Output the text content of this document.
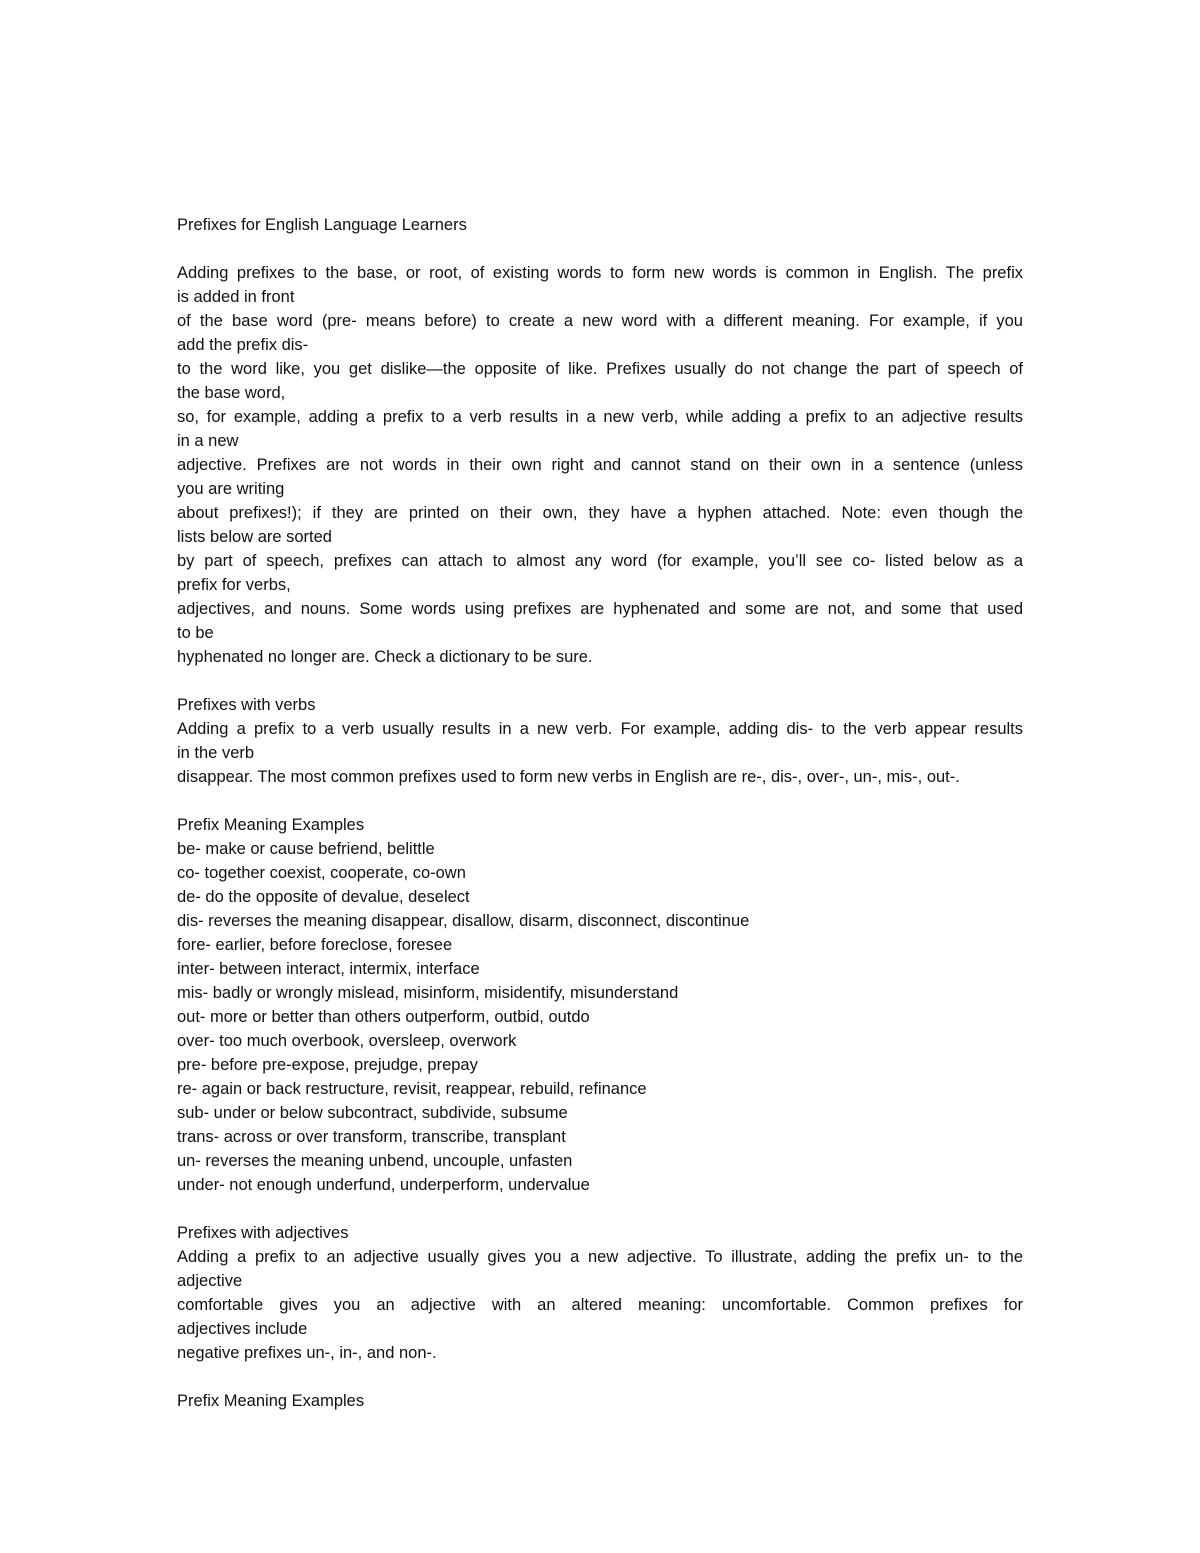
Prefixes for English Language Learners

Adding prefixes to the base, or root, of existing words to form new words is common in English. The prefix

is added in front

of the base word (pre- means before) to create a new word with a different meaning. For example, if you

add the prefix dis-

to the word like, you get dislike—the opposite of like. Prefixes usually do not change the part of speech of

the base word,

so, for example, adding a prefix to a verb results in a new verb, while adding a prefix to an adjective results

in a new

adjective. Prefixes are not words in their own right and cannot stand on their own in a sentence (unless

you are writing

about prefixes!); if they are printed on their own, they have a hyphen attached. Note: even though the

lists below are sorted

by part of speech, prefixes can attach to almost any word (for example, you’ll see co- listed below as a

prefix for verbs,

adjectives, and nouns. Some words using prefixes are hyphenated and some are not, and some that used

to be

hyphenated no longer are. Check a dictionary to be sure.

Prefixes with verbs

Adding a prefix to a verb usually results in a new verb. For example, adding dis- to the verb appear results

in the verb

disappear. The most common prefixes used to form new verbs in English are re-, dis-, over-, un-, mis-, out-.

Prefix Meaning Examples

be- make or cause befriend, belittle

co- together coexist, cooperate, co-own

de- do the opposite of devalue, deselect

dis- reverses the meaning disappear, disallow, disarm, disconnect, discontinue

fore- earlier, before foreclose, foresee

inter- between interact, intermix, interface

mis- badly or wrongly mislead, misinform, misidentify, misunderstand

out- more or better than others outperform, outbid, outdo

over- too much overbook, oversleep, overwork

pre- before pre-expose, prejudge, prepay

re- again or back restructure, revisit, reappear, rebuild, refinance

sub- under or below subcontract, subdivide, subsume

trans- across or over transform, transcribe, transplant

un- reverses the meaning unbend, uncouple, unfasten

under- not enough underfund, underperform, undervalue

Prefixes with adjectives

Adding a prefix to an adjective usually gives you a new adjective. To illustrate, adding the prefix un- to the

adjective

comfortable gives you an adjective with an altered meaning: uncomfortable. Common prefixes for

adjectives include

negative prefixes un-, in-, and non-.

Prefix Meaning Examples
